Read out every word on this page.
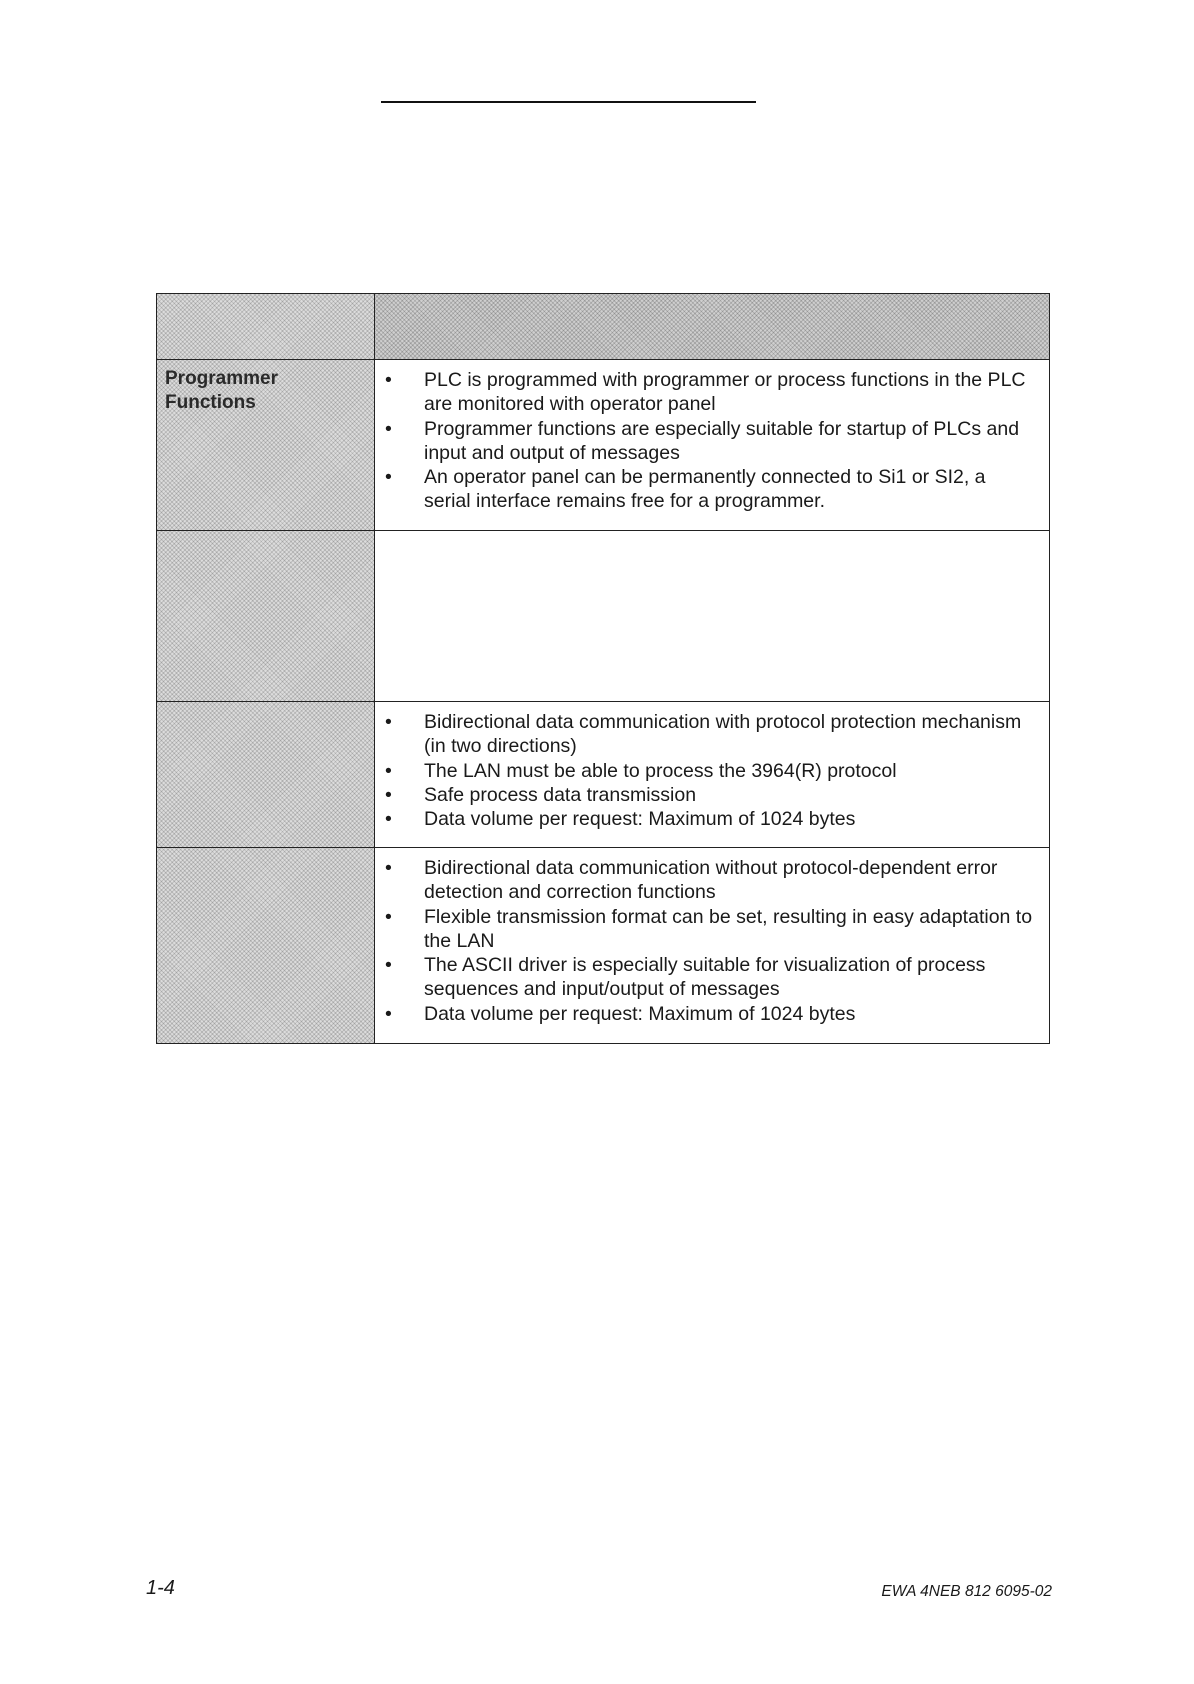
Programmer Functions
• PLC is programmed with programmer or process functions in the PLC are monitored with operator panel
• Programmer functions are especially suitable for startup of PLCs and input and output of messages
• An operator panel can be permanently connected to Si1 or SI2, a serial interface remains free for a programmer.
• Bidirectional data communication with protocol protection mechanism (in two directions)
• The LAN must be able to process the 3964(R) protocol
• Safe process data transmission
• Data volume per request: Maximum of 1024 bytes
• Bidirectional data communication without protocol-dependent error detection and correction functions
• Flexible transmission format can be set, resulting in easy adaptation to the LAN
• The ASCII driver is especially suitable for visualization of process sequences and input/output of messages
• Data volume per request: Maximum of 1024 bytes
1-4	EWA 4NEB 812 6095-02
